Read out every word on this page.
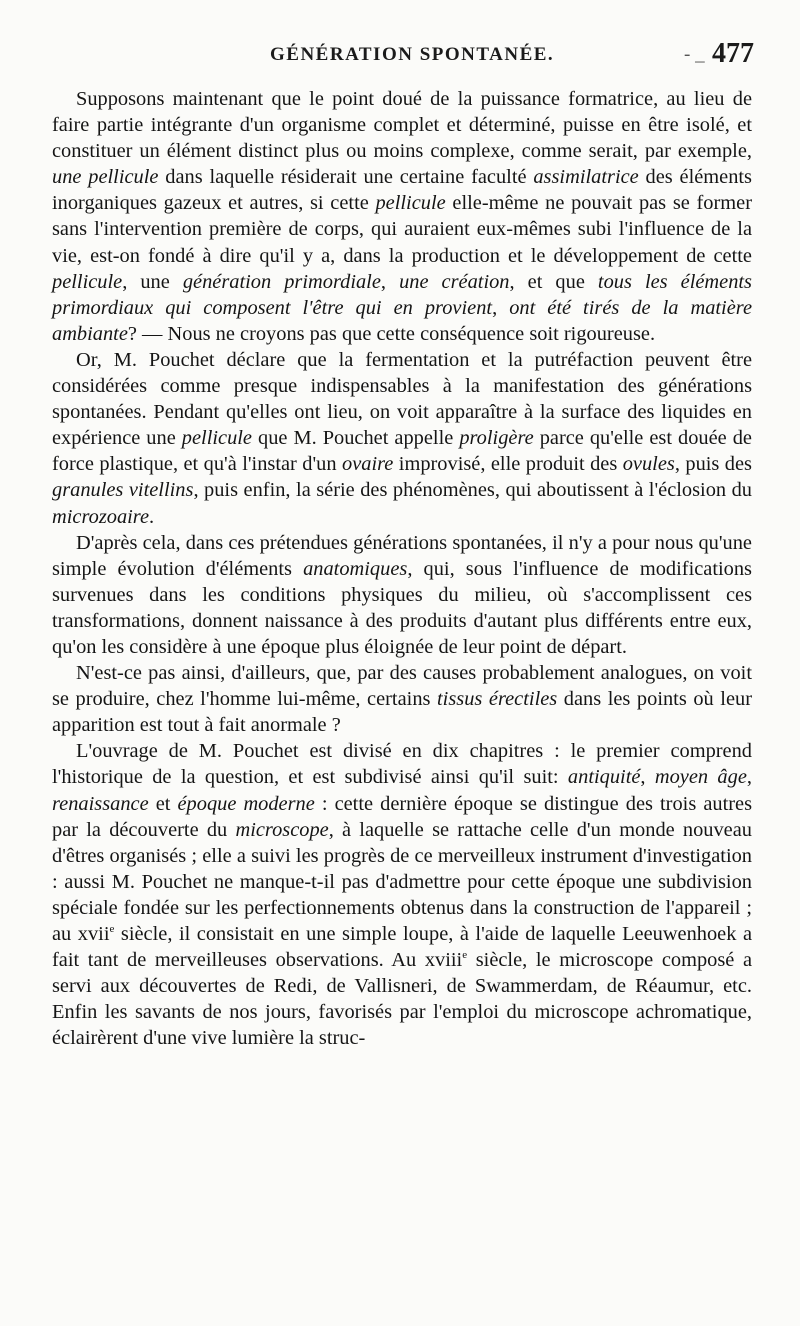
GÉNÉRATION SPONTANÉE.	- _ 477

Supposons maintenant que le point doué de la puissance formatrice, au lieu de faire partie intégrante d'un organisme complet et déterminé, puisse en être isolé, et constituer un élément distinct plus ou moins complexe, comme serait, par exemple, une pellicule dans laquelle résiderait une certaine faculté assimilatrice des éléments inorganiques gazeux et autres, si cette pellicule elle-même ne pouvait pas se former sans l'intervention première de corps, qui auraient eux-mêmes subi l'influence de la vie, est-on fondé à dire qu'il y a, dans la production et le développement de cette pellicule, une génération primordiale, une création, et que tous les éléments primordiaux qui composent l'être qui en provient, ont été tirés de la matière ambiante? — Nous ne croyons pas que cette conséquence soit rigoureuse.

Or, M. Pouchet déclare que la fermentation et la putréfaction peuvent être considérées comme presque indispensables à la manifestation des générations spontanées. Pendant qu'elles ont lieu, on voit apparaître à la surface des liquides en expérience une pellicule que M. Pouchet appelle proligère parce qu'elle est douée de force plastique, et qu'à l'instar d'un ovaire improvisé, elle produit des ovules, puis des granules vitellins, puis enfin, la série des phénomènes, qui aboutissent à l'éclosion du microzoaire.

D'après cela, dans ces prétendues générations spontanées, il n'y a pour nous qu'une simple évolution d'éléments anatomiques, qui, sous l'influence de modifications survenues dans les conditions physiques du milieu, où s'accomplissent ces transformations, donnent naissance à des produits d'autant plus différents entre eux, qu'on les considère à une époque plus éloignée de leur point de départ.

N'est-ce pas ainsi, d'ailleurs, que, par des causes probablement analogues, on voit se produire, chez l'homme lui-même, certains tissus érectiles dans les points où leur apparition est tout à fait anormale ?

L'ouvrage de M. Pouchet est divisé en dix chapitres : le premier comprend l'historique de la question, et est subdivisé ainsi qu'il suit: antiquité, moyen âge, renaissance et époque moderne : cette dernière époque se distingue des trois autres par la découverte du microscope, à laquelle se rattache celle d'un monde nouveau d'êtres organisés ; elle a suivi les progrès de ce merveilleux instrument d'investigation : aussi M. Pouchet ne manque-t-il pas d'admettre pour cette époque une subdivision spéciale fondée sur les perfectionnements obtenus dans la construction de l'appareil ; au xvii$^e$ siècle, il consistait en une simple loupe, à l'aide de laquelle Leeuwenhoek a fait tant de merveilleuses observations. Au xviii$^e$ siècle, le microscope composé a servi aux découvertes de Redi, de Vallisneri, de Swammerdam, de Réaumur, etc. Enfin les savants de nos jours, favorisés par l'emploi du microscope achromatique, éclairèrent d'une vive lumière la struc-
